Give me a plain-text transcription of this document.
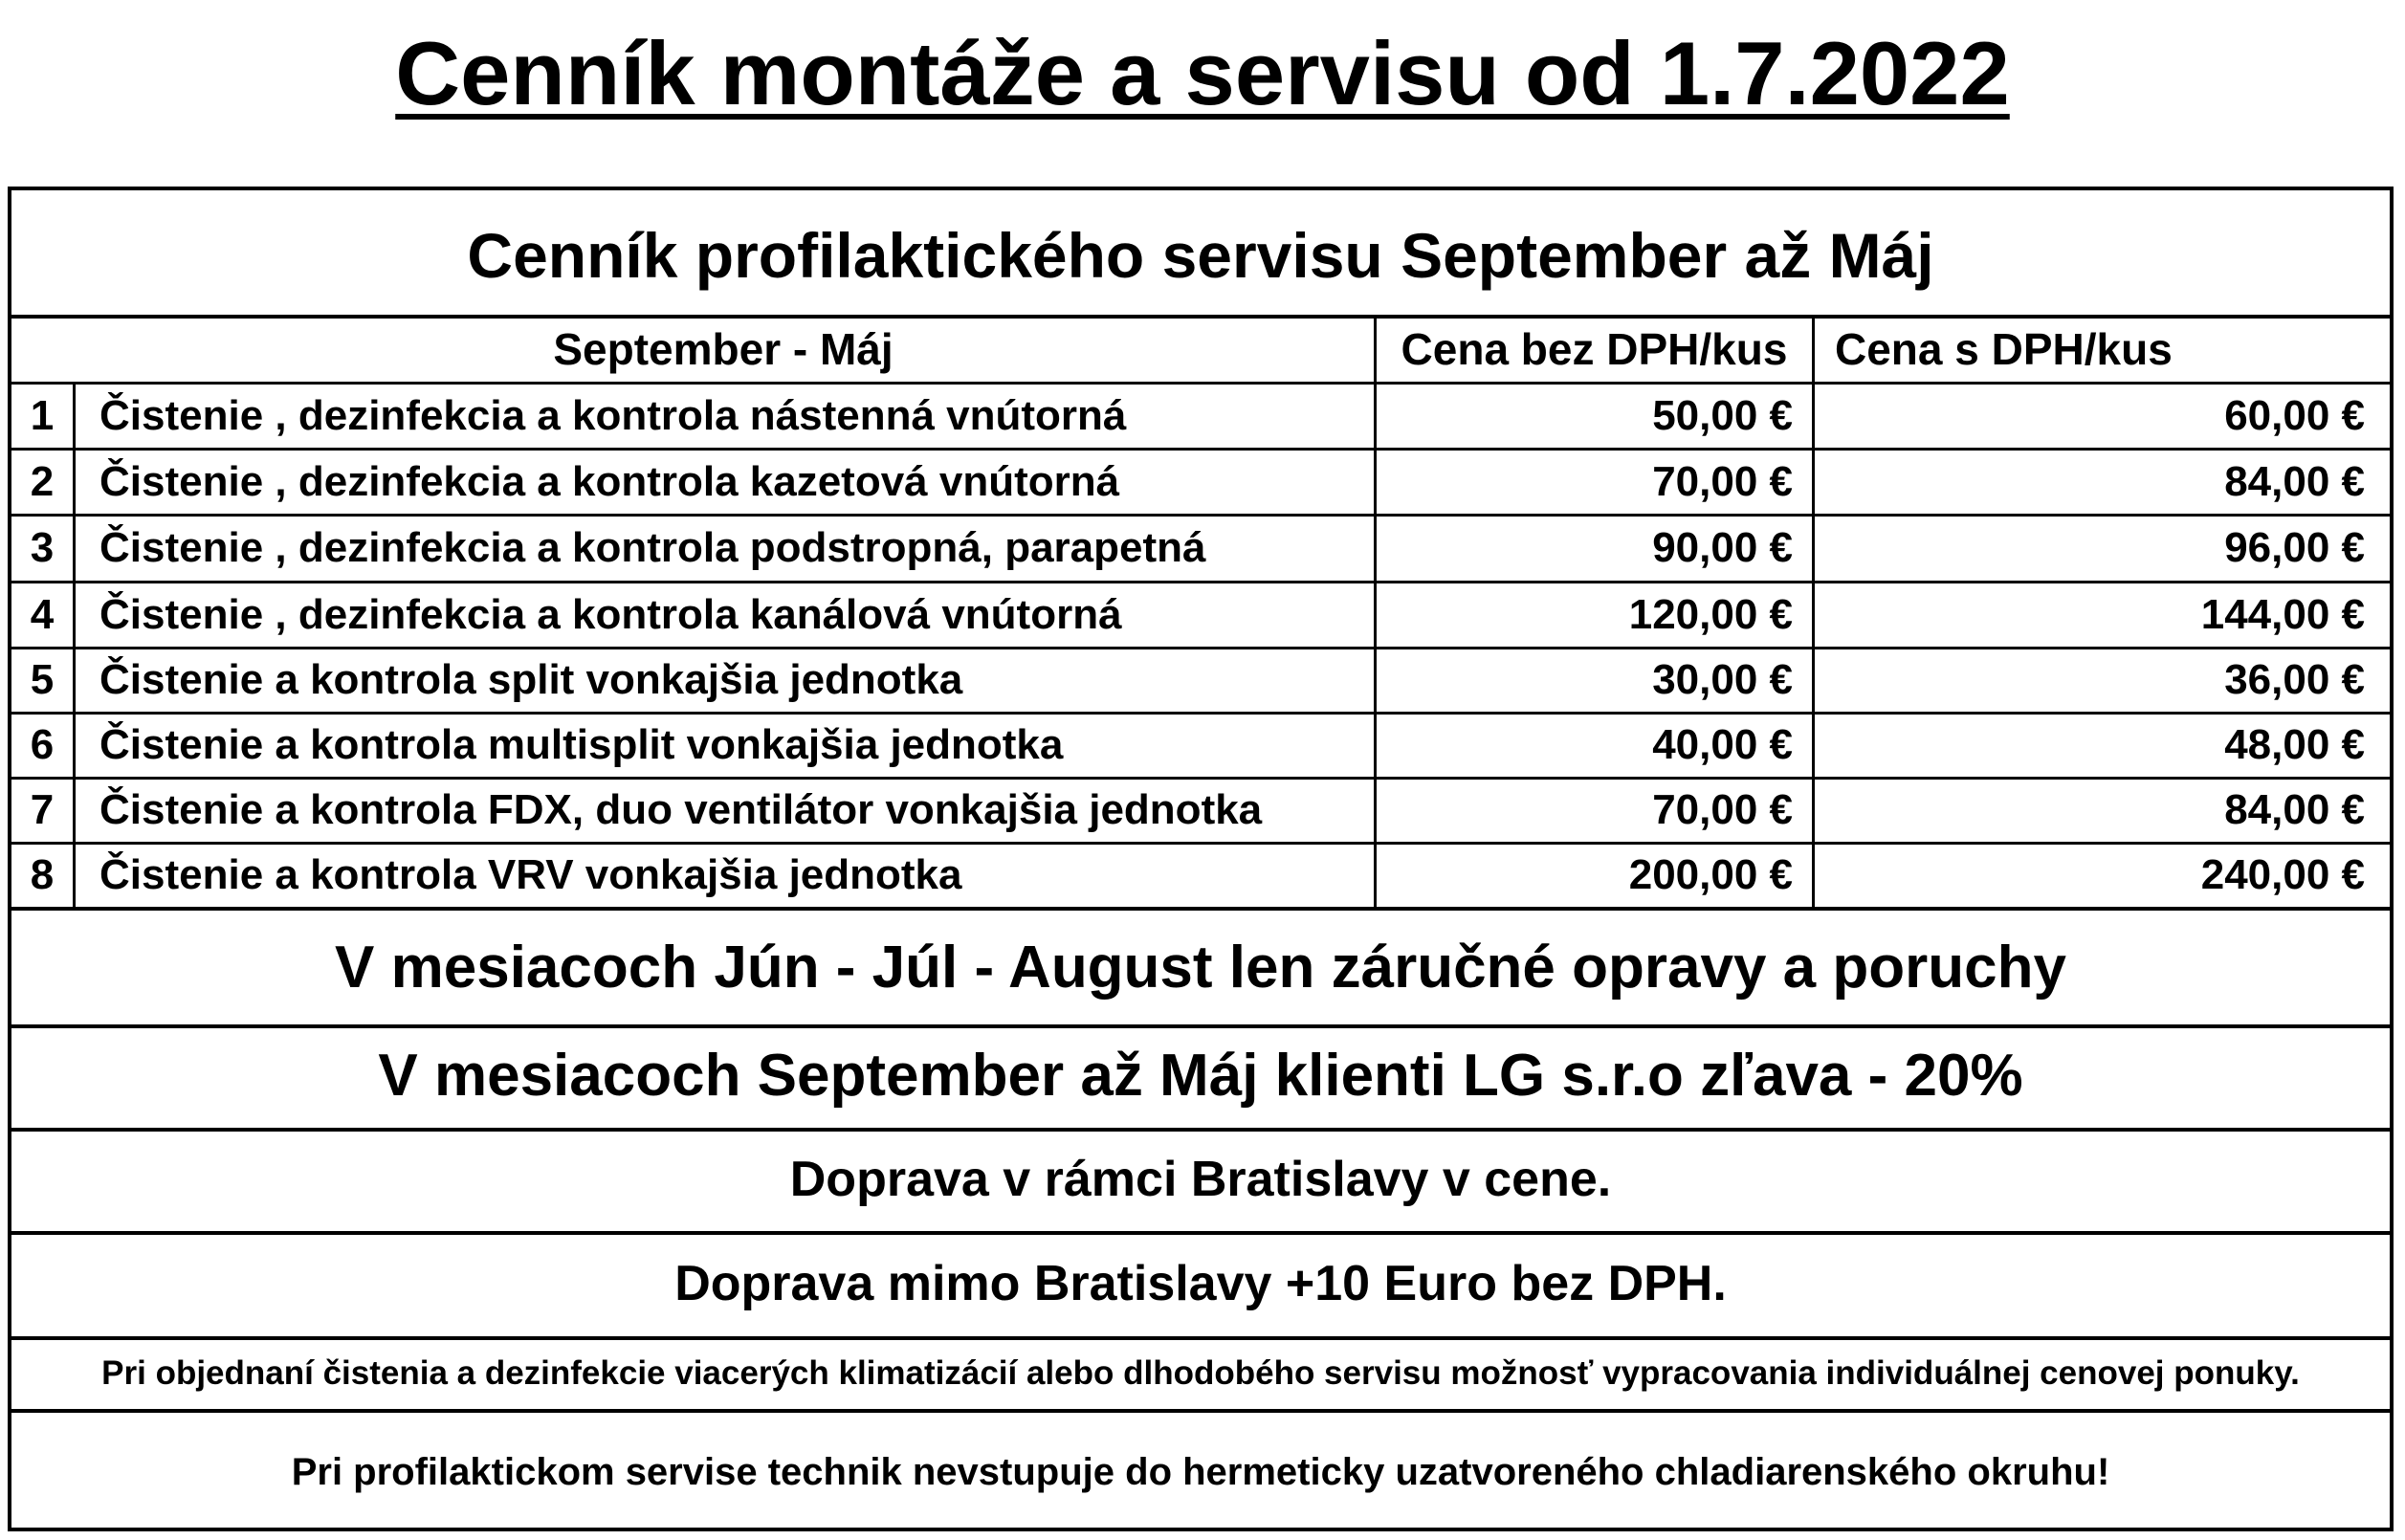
Cenník montáže a servisu od 1.7.2022
Cenník profilaktického servisu September až Máj
September - Máj	Cena bez DPH/kus	Cena s DPH/kus
1	Čistenie , dezinfekcia a kontrola nástenná vnútorná	50,00 €	60,00 €
2	Čistenie , dezinfekcia a kontrola kazetová vnútorná	70,00 €	84,00 €
3	Čistenie , dezinfekcia a kontrola podstropná, parapetná	90,00 €	96,00 €
4	Čistenie , dezinfekcia a kontrola kanálová vnútorná	120,00 €	144,00 €
5	Čistenie a kontrola split vonkajšia jednotka	30,00 €	36,00 €
6	Čistenie a kontrola multisplit vonkajšia jednotka	40,00 €	48,00 €
7	Čistenie a kontrola FDX, duo ventilátor vonkajšia jednotka	70,00 €	84,00 €
8	Čistenie a kontrola VRV vonkajšia jednotka	200,00 €	240,00 €
V mesiacoch Jún - Júl - August len záručné opravy a poruchy
V mesiacoch September až Máj klienti LG s.r.o zľava - 20%
Doprava v rámci Bratislavy v cene.
Doprava mimo Bratislavy +10 Euro bez DPH.
Pri objednaní čistenia a dezinfekcie viacerých klimatizácií alebo dlhodobého servisu možnosť vypracovania individuálnej cenovej ponuky.
Pri profilaktickom servise technik nevstupuje do hermeticky uzatvoreného chladiarenského okruhu!
